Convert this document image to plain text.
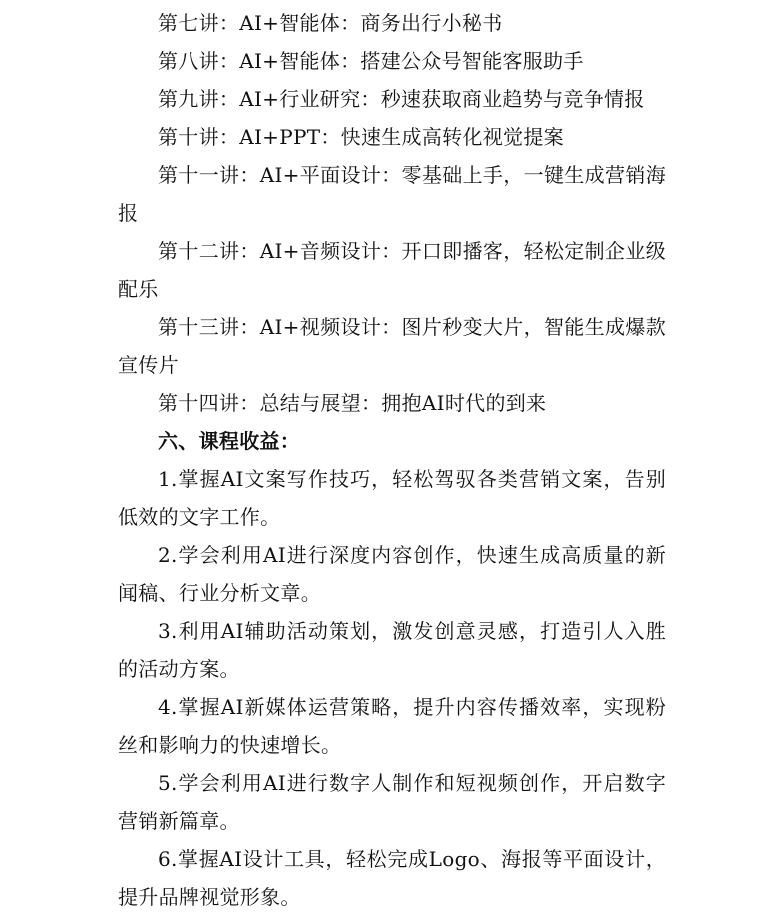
第七讲：AI+智能体：商务出行小秘书

第八讲：AI+智能体：搭建公众号智能客服助手

第九讲：AI+行业研究：秒速获取商业趋势与竞争情报

第十讲：AI+PPT：快速生成高转化视觉提案

第十一讲：AI+平面设计：零基础上手，一键生成营销海报

第十二讲：AI+音频设计：开口即播客，轻松定制企业级配乐

第十三讲：AI+视频设计：图片秒变大片，智能生成爆款宣传片

第十四讲：总结与展望：拥抱AI时代的到来

六、课程收益：

1.掌握AI文案写作技巧，轻松驾驭各类营销文案，告别低效的文字工作。

2.学会利用AI进行深度内容创作，快速生成高质量的新闻稿、行业分析文章。

3.利用AI辅助活动策划，激发创意灵感，打造引人入胜的活动方案。

4.掌握AI新媒体运营策略，提升内容传播效率，实现粉丝和影响力的快速增长。

5.学会利用AI进行数字人制作和短视频创作，开启数字营销新篇章。

6.掌握AI设计工具，轻松完成Logo、海报等平面设计，提升品牌视觉形象。
